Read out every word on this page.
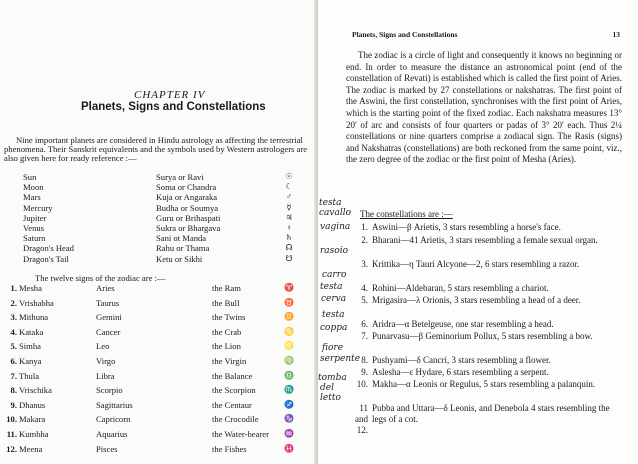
CHAPTER IV
Planets, Signs and Constellations

Nine important planets are considered in Hindu astrology as affecting the terrestrial phenomena. Their Sanskrit equivalents and the symbols used by Western astrologers are also given here for ready reference :—

Sun	Surya or Ravi	☉
Moon	Soma or Chandra	☾
Mars	Kuja or Angaraka	♂
Mercury	Budha or Soumya	☿
Jupiter	Guru or Brihaspati	♃
Venus	Sukra or Bhargava	♀
Saturn	Sani ot Manda	♄
Dragon's Head	Rahu or Thama	☊
Dragon's Tail	Ketu or Sikhi	☋
The twelve signs of the zodiac are :—
1. Mesha	Aries	the Ram	♈
2. Vrishabha	Taurus	the Bull	♉
3. Mithuna	Gemini	the Twins	♊
4. Kataka	Cancer	the Crab	♋
5. Simha	Leo	the Lion	♌
6. Kanya	Virgo	the Virgin	♍
7. Thula	Libra	the Balance	♎
8. Vrischika	Scorpio	the Scorpion	♏
9. Dhanus	Sagittarius	the Centaur	♐
10. Makara	Capricorn	the Crocodile	♑
11. Kumbha	Aquarius	the Water-bearer ♒
12. Meena	Pisces	the Fishes	♓
Planets, Signs and Constellations	13

The zodiac is a circle of light and consequently it knows no beginning or end. In order to measure the distance an astronomical point (end of the constellation of Revati) is established which is called the first point of Aries. The zodiac is marked by 27 constellations or nakshatras. The first point of the Aswini, the first constellation, synchronises with the first point of Aries, which is the starting point of the fixed zodiac. Each nakshatra measures 13° 20′ of arc and consists of four quarters or padas of 3° 20′ each. Thus 2¼ constellations or nine quarters comprise a zodiacal sign. The Rasis (signs) and Nakshatras (constellations) are both reckoned from the same point, viz., the zero degree of the zodiac or the first point of Mesha (Aries).

The constellations are :—
1. Aswini—β Arietis, 3 stars resembling a horse's face.
2. Bharani—41 Arietis, 3 stars resembling a female sexual organ.
3. Krittika—η Tauri Alcyone—2, 6 stars resembling a razor.
4. Rohini—Aldebaran, 5 stars resembling a chariot.
5. Mrigasira—λ Orionis, 3 stars resembling a head of a deer.
6. Aridra—α Betelgeuse, one star resembling a head.
7. Punarvasu—β Geminorium Pollux, 5 stars resembling a bow.
8. Pushyami—δ Cancri, 3 stars resembling a flower.
9. Aslesha—ε Hydare, 6 stars resembling a serpent.
10. Makha—α Leonis or Regulus, 5 stars resembling a palanquin.
11 and 12.
Pubba and Uttara—δ Leonis, and Denebola 4 stars resembling the legs of a cot.
testa
cavallo
vagina
rasoio
carro
testa
cerva
testa
coppa
fiore
serpente
tomba
del
letto
